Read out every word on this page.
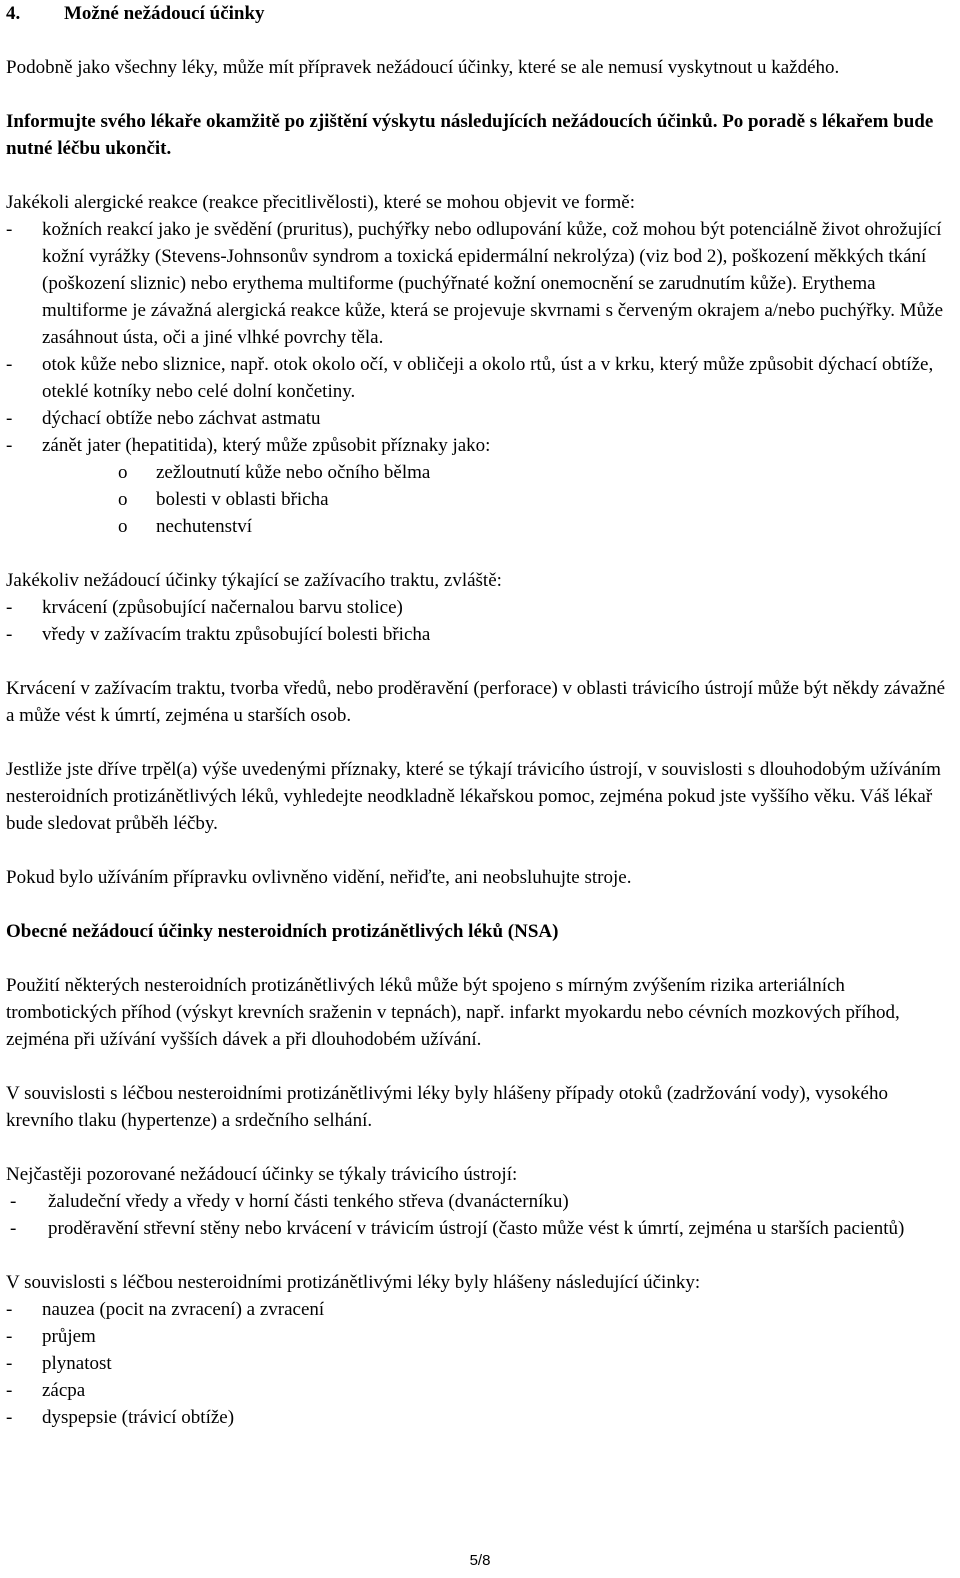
4. Možné nežádoucí účinky

Podobně jako všechny léky, může mít přípravek nežádoucí účinky, které se ale nemusí vyskytnout u každého.

Informujte svého lékaře okamžitě po zjištění výskytu následujících nežádoucích účinků. Po poradě s lékařem bude nutné léčbu ukončit.

Jakékoli alergické reakce (reakce přecitlivělosti), které se mohou objevit ve formě:

- kožních reakcí jako je svědění (pruritus), puchýřky nebo odlupování kůže, což mohou být potenciálně život ohrožující kožní vyrážky (Stevens-Johnsonův syndrom a toxická epidermální nekrolýza) (viz bod 2), poškození měkkých tkání (poškození sliznic) nebo erythema multiforme (puchýřnaté kožní onemocnění se zarudnutím kůže). Erythema multiforme je závažná alergická reakce kůže, která se projevuje skvrnami s červeným okrajem a/nebo puchýřky. Může zasáhnout ústa, oči a jiné vlhké povrchy těla.
- otok kůže nebo sliznice, např. otok okolo očí, v obličeji a okolo rtů, úst a v krku, který může způsobit dýchací obtíže, oteklé kotníky nebo celé dolní končetiny.
- dýchací obtíže nebo záchvat astmatu
- zánět jater (hepatitida), který může způsobit příznaky jako:
o zežloutnutí kůže nebo očního bělma
o bolesti v oblasti břicha
o nechutenství

Jakékoliv nežádoucí účinky týkající se zažívacího traktu, zvláště:

- krvácení (způsobující načernalou barvu stolice)
- vředy v zažívacím traktu způsobující bolesti břicha

Krvácení v zažívacím traktu, tvorba vředů, nebo proděravění (perforace) v oblasti trávicího ústrojí může být někdy závažné a může vést k úmrtí, zejména u starších osob.

Jestliže jste dříve trpěl(a) výše uvedenými příznaky, které se týkají trávicího ústrojí, v souvislosti s dlouhodobým užíváním nesteroidních protizánětlivých léků, vyhledejte neodkladně lékařskou pomoc, zejména pokud jste vyššího věku. Váš lékař bude sledovat průběh léčby.

Pokud bylo užíváním přípravku ovlivněno vidění, neřiďte, ani neobsluhujte stroje.

Obecné nežádoucí účinky nesteroidních protizánětlivých léků (NSA)

Použití některých nesteroidních protizánětlivých léků může být spojeno s mírným zvýšením rizika arteriálních trombotických příhod (výskyt krevních sraženin v tepnách), např. infarkt myokardu nebo cévních mozkových příhod, zejména při užívání vyšších dávek a při dlouhodobém užívání.

V souvislosti s léčbou nesteroidními protizánětlivými léky byly hlášeny případy otoků (zadržování vody), vysokého krevního tlaku (hypertenze) a srdečního selhání.

Nejčastěji pozorované nežádoucí účinky se týkaly trávicího ústrojí:

- žaludeční vředy a vředy v horní části tenkého střeva (dvanácterníku)
- proděravění střevní stěny nebo krvácení v trávicím ústrojí (často může vést k úmrtí, zejména u starších pacientů)

V souvislosti s léčbou nesteroidními protizánětlivými léky byly hlášeny následující účinky:

- nauzea (pocit na zvracení) a zvracení
- průjem
- plynatost
- zácpa
- dyspepsie (trávicí obtíže)
5/8
